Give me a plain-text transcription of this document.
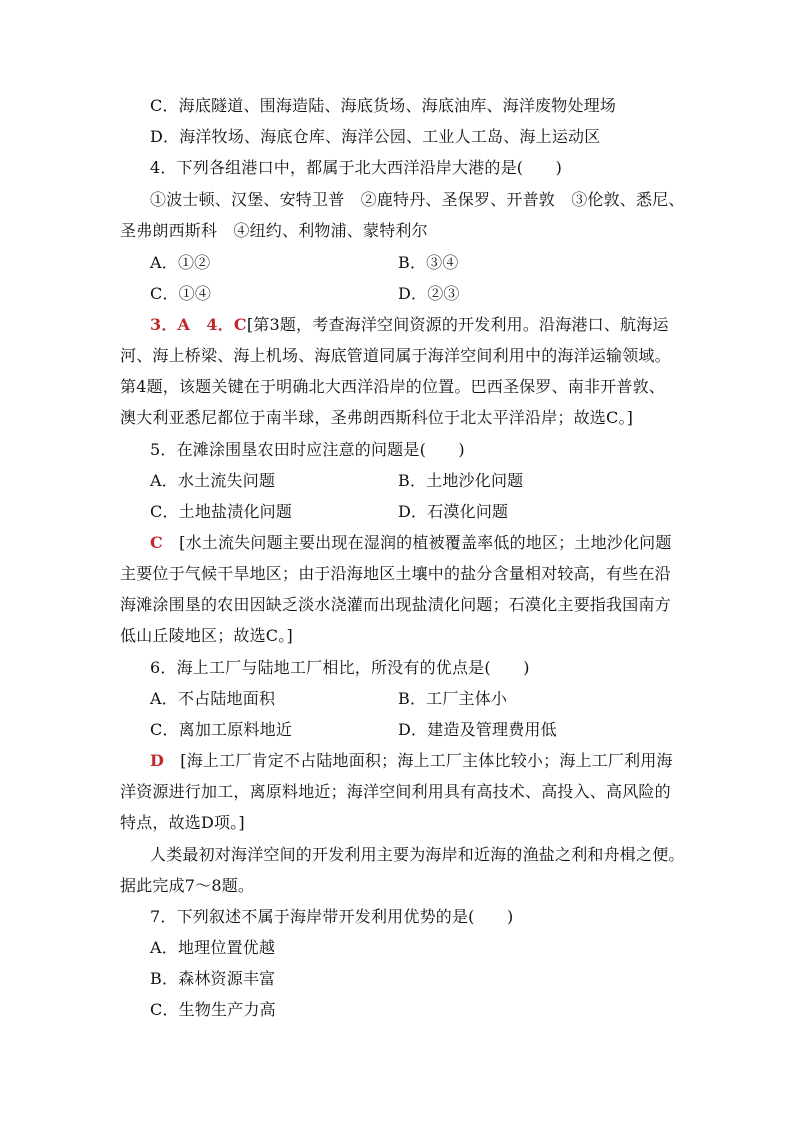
C．海底隧道、围海造陆、海底货场、海底油库、海洋废物处理场
D．海洋牧场、海底仓库、海洋公园、工业人工岛、海上运动区
4．下列各组港口中，都属于北大西洋沿岸大港的是(　　)
①波士顿、汉堡、安特卫普　②鹿特丹、圣保罗、开普敦　③伦敦、悉尼、
圣弗朗西斯科　④纽约、利物浦、蒙特利尔
A．①②	B．③④
C．①④	D．②③
3．A　4．C[第3题，考查海洋空间资源的开发利用。沿海港口、航海运
河、海上桥梁、海上机场、海底管道同属于海洋空间利用中的海洋运输领域。
第4题，该题关键在于明确北大西洋沿岸的位置。巴西圣保罗、南非开普敦、
澳大利亚悉尼都位于南半球，圣弗朗西斯科位于北太平洋沿岸；故选C。]
5．在滩涂围垦农田时应注意的问题是(　　)
A．水土流失问题	B．土地沙化问题
C．土地盐渍化问题	D．石漠化问题
C　 [水土流失问题主要出现在湿润的植被覆盖率低的地区；土地沙化问题
主要位于气候干旱地区；由于沿海地区土壤中的盐分含量相对较高，有些在沿
海滩涂围垦的农田因缺乏淡水浇灌而出现盐渍化问题；石漠化主要指我国南方
低山丘陵地区；故选C。]
6．海上工厂与陆地工厂相比，所没有的优点是(　　)
A．不占陆地面积	B．工厂主体小
C．离加工原料地近	D．建造及管理费用低
D　 [海上工厂肯定不占陆地面积；海上工厂主体比较小；海上工厂利用海
洋资源进行加工，离原料地近；海洋空间利用具有高技术、高投入、高风险的
特点，故选D项。]
人类最初对海洋空间的开发利用主要为海岸和近海的渔盐之利和舟楫之便。
据此完成7～8题。
7．下列叙述不属于海岸带开发利用优势的是(　　)
A．地理位置优越
B．森林资源丰富
C．生物生产力高
